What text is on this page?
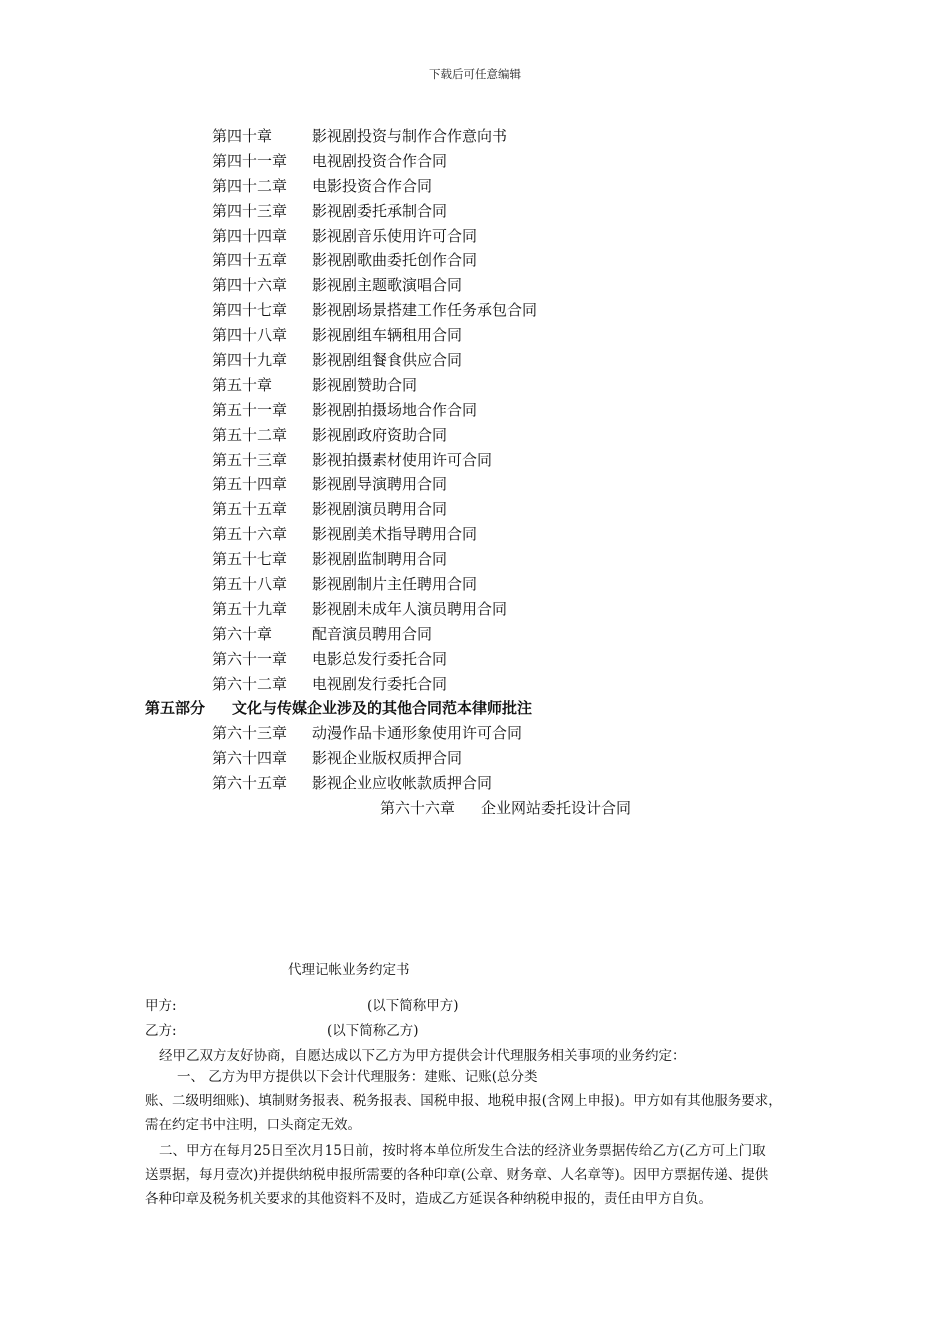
下载后可任意编辑
第四十章	影视剧投资与制作合作意向书
第四十一章 电视剧投资合作合同
第四十二章 电影投资合作合同
第四十三章 影视剧委托承制合同
第四十四章 影视剧音乐使用许可合同
第四十五章 影视剧歌曲委托创作合同
第四十六章 影视剧主题歌演唱合同
第四十七章 影视剧场景搭建工作任务承包合同
第四十八章 影视剧组车辆租用合同
第四十九章 影视剧组餐食供应合同
第五十章	影视剧赞助合同
第五十一章 影视剧拍摄场地合作合同
第五十二章 影视剧政府资助合同
第五十三章 影视拍摄素材使用许可合同
第五十四章 影视剧导演聘用合同
第五十五章 影视剧演员聘用合同
第五十六章 影视剧美术指导聘用合同
第五十七章 影视剧监制聘用合同
第五十八章 影视剧制片主任聘用合同
第五十九章 影视剧未成年人演员聘用合同
第六十章	配音演员聘用合同
第六十一章 电影总发行委托合同
第六十二章 电视剧发行委托合同
第五部分 文化与传媒企业涉及的其他合同范本律师批注
第六十三章 动漫作品卡通形象使用许可合同
第六十四章 影视企业版权质押合同
第六十五章 影视企业应收帐款质押合同
第六十六章 企业网站委托设计合同
代理记帐业务约定书
甲方:	(以下简称甲方)
乙方:	(以下简称乙方)
经甲乙双方友好协商，自愿达成以下乙方为甲方提供会计代理服务相关事项的业务约定：
一、 乙方为甲方提供以下会计代理服务：建账、记账(总分类
账、二级明细账)、填制财务报表、税务报表、国税申报、地税申报(含网上申报)。甲方如有其他服务要求，
需在约定书中注明，口头商定无效。
二、甲方在每月25日至次月15日前，按时将本单位所发生合法的经济业务票据传给乙方(乙方可上门取
送票据，每月壹次)并提供纳税申报所需要的各种印章(公章、财务章、人名章等)。因甲方票据传递、提供
各种印章及税务机关要求的其他资料不及时，造成乙方延误各种纳税申报的，责任由甲方自负。
